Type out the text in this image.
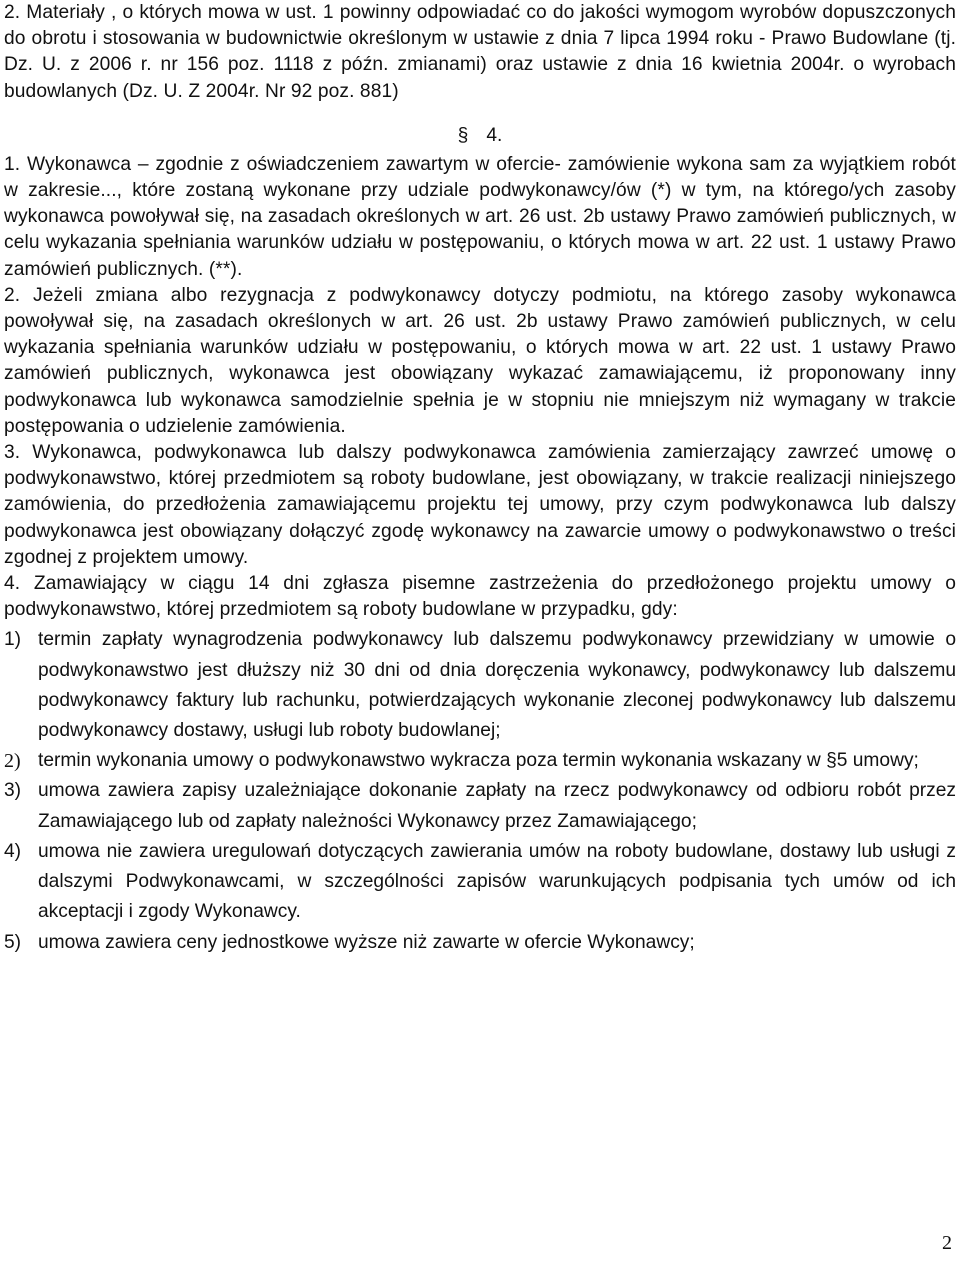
2. Materiały , o których mowa w ust. 1 powinny odpowiadać co do jakości wymogom wyrobów dopuszczonych do obrotu i stosowania w budownictwie określonym w ustawie z dnia 7 lipca 1994 roku - Prawo Budowlane (tj. Dz. U. z 2006 r. nr 156 poz. 1118 z późn. zmianami) oraz ustawie z dnia 16 kwietnia 2004r. o wyrobach budowlanych (Dz. U. Z 2004r. Nr 92 poz. 881)

§ 4.

1. Wykonawca – zgodnie z oświadczeniem zawartym w ofercie- zamówienie wykona sam za wyjątkiem robót w zakresie..., które zostaną wykonane przy udziale podwykonawcy/ów (*) w tym, na którego/ych zasoby wykonawca powoływał się, na zasadach określonych w art. 26 ust. 2b ustawy Prawo zamówień publicznych, w celu wykazania spełniania warunków udziału w postępowaniu, o których mowa w art. 22 ust. 1 ustawy Prawo zamówień publicznych. (**).

2. Jeżeli zmiana albo rezygnacja z podwykonawcy dotyczy podmiotu, na którego zasoby wykonawca powoływał się, na zasadach określonych w art. 26 ust. 2b ustawy Prawo zamówień publicznych, w celu wykazania spełniania warunków udziału w postępowaniu, o których mowa w art. 22 ust. 1 ustawy Prawo zamówień publicznych, wykonawca jest obowiązany wykazać zamawiającemu, iż proponowany inny podwykonawca lub wykonawca samodzielnie spełnia je w stopniu nie mniejszym niż wymagany w trakcie postępowania o udzielenie zamówienia.

3. Wykonawca, podwykonawca lub dalszy podwykonawca zamówienia zamierzający zawrzeć umowę o podwykonawstwo, której przedmiotem są roboty budowlane, jest obowiązany, w trakcie realizacji niniejszego zamówienia, do przedłożenia zamawiającemu projektu tej umowy, przy czym podwykonawca lub dalszy podwykonawca jest obowiązany dołączyć zgodę wykonawcy na zawarcie umowy o podwykonawstwo o treści zgodnej z projektem umowy.

4. Zamawiający w ciągu 14 dni zgłasza pisemne zastrzeżenia do przedłożonego projektu umowy o podwykonawstwo, której przedmiotem są roboty budowlane w przypadku, gdy:

1) termin zapłaty wynagrodzenia podwykonawcy lub dalszemu podwykonawcy przewidziany w umowie o podwykonawstwo jest dłuższy niż 30 dni od dnia doręczenia wykonawcy, podwykonawcy lub dalszemu podwykonawcy faktury lub rachunku, potwierdzających wykonanie zleconej podwykonawcy lub dalszemu podwykonawcy dostawy, usługi lub roboty budowlanej;
2) termin wykonania umowy o podwykonawstwo wykracza poza termin wykonania wskazany w §5 umowy;
3) umowa zawiera zapisy uzależniające dokonanie zapłaty na rzecz podwykonawcy od odbioru robót przez Zamawiającego lub od zapłaty należności Wykonawcy przez Zamawiającego;
4) umowa nie zawiera uregulowań dotyczących zawierania umów na roboty budowlane, dostawy lub usługi z dalszymi Podwykonawcami, w szczególności zapisów warunkujących podpisania tych umów od ich akceptacji i zgody Wykonawcy.
5) umowa zawiera ceny jednostkowe wyższe niż zawarte w ofercie Wykonawcy;
2
